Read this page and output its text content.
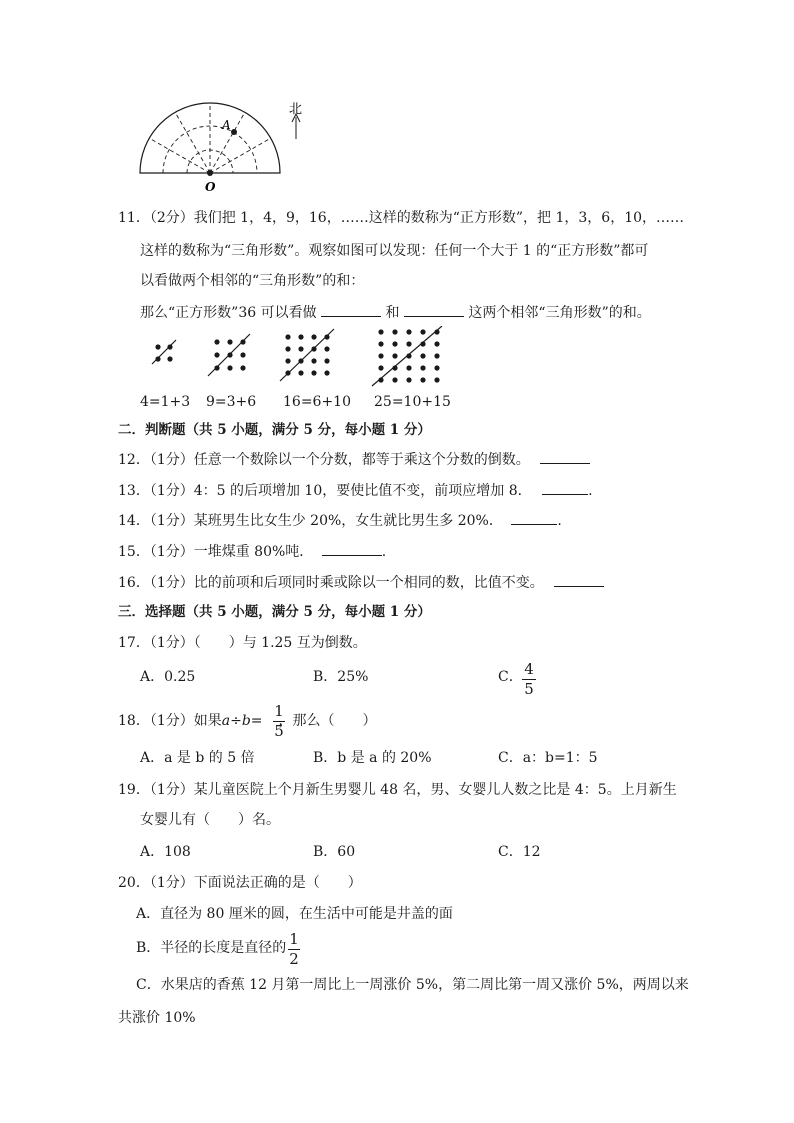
A
O
北
11．（2分）我们把 1，4，9，16，……这样的数称为“正方形数”，把 1，3，6，10，……
这样的数称为“三角形数”。观察如图可以发现：任何一个大于 1 的“正方形数”都可
以看做两个相邻的“三角形数”的和：
那么“正方形数”36 可以看做	和	这两个相邻“三角形数”的和。
4=1+3 9=3+6 16=6+10 25=10+15
二．判断题（共 5 小题，满分 5 分，每小题 1 分）
12．（1分）任意一个数除以一个分数，都等于乘这个分数的倒数。
13．（1分）4：5 的后项增加 10，要使比值不变，前项应增加 8．	.
14．（1分）某班男生比女生少 20%，女生就比男生多 20%．	.
15．（1分）一堆煤重 80%吨．	.
16．（1分）比的前项和后项同时乘或除以一个相同的数，比值不变。
三．选择题（共 5 小题，满分 5 分，每小题 1 分）
17．（1分）（　　）与 1.25 互为倒数。
A．0.25	B．25%	C． 4
5
18．（1分）如果a÷b= ，那么（　　）
1
5
A．a 是 b 的 5 倍	B．b 是 a 的 20%	C．a：b=1：5
19．（1分）某儿童医院上个月新生男婴儿 48 名，男、女婴儿人数之比是 4：5。上月新生
女婴儿有（　　）名。
A．108	B．60	C．12
20．（1分）下面说法正确的是（　　）
A．直径为 80 厘米的圆，在生活中可能是井盖的面
B．半径的长度是直径的 1
2
C．水果店的香蕉 12 月第一周比上一周涨价 5%，第二周比第一周又涨价 5%，两周以来
共涨价 10%
